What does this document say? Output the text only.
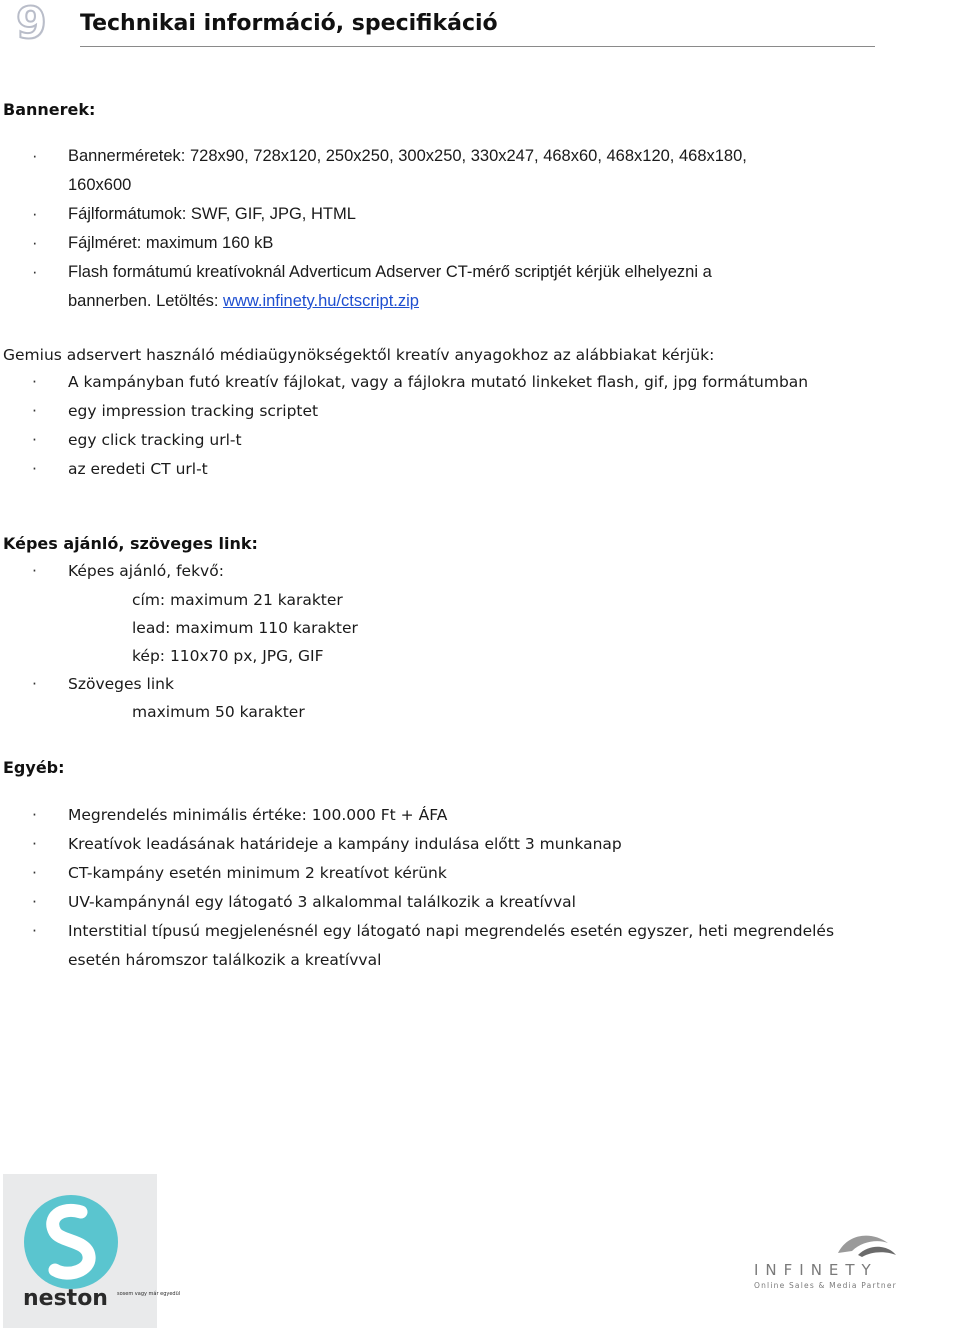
9 Technikai információ, specifikáció
Bannerek:
· Bannerméretek: 728x90, 728x120, 250x250, 300x250, 330x247, 468x60, 468x120, 468x180,
160x600
· Fájlformátumok: SWF, GIF, JPG, HTML
· Fájlméret: maximum 160 kB
· Flash formátumú kreatívoknál Adverticum Adserver CT-mérő scriptjét kérjük elhelyezni a
bannerben. Letöltés: www.infinety.hu/ctscript.zip
Gemius adservert használó médiaügynökségektől kreatív anyagokhoz az alábbiakat kérjük:
· A kampányban futó kreatív fájlokat, vagy a fájlokra mutató linkeket flash, gif, jpg formátumban
· egy impression tracking scriptet
· egy click tracking url-t
· az eredeti CT url-t
Képes ajánló, szöveges link:
· Képes ajánló, fekvő:
cím: maximum 21 karakter
lead: maximum 110 karakter
kép: 110x70 px, JPG, GIF
· Szöveges link
maximum 50 karakter
Egyéb:
· Megrendelés minimális értéke: 100.000 Ft + ÁFA
· Kreatívok leadásának határideje a kampány indulása előtt 3 munkanap
· CT-kampány esetén minimum 2 kreatívot kérünk
· UV-kampánynál egy látogató 3 alkalommal találkozik a kreatívval
· Interstitial típusú megjelenésnél egy látogató napi megrendelés esetén egyszer, heti megrendelés
esetén háromszor találkozik a kreatívval
neston sosem vagy már egyedül
INFINETY
Online Sales & Media Partner
